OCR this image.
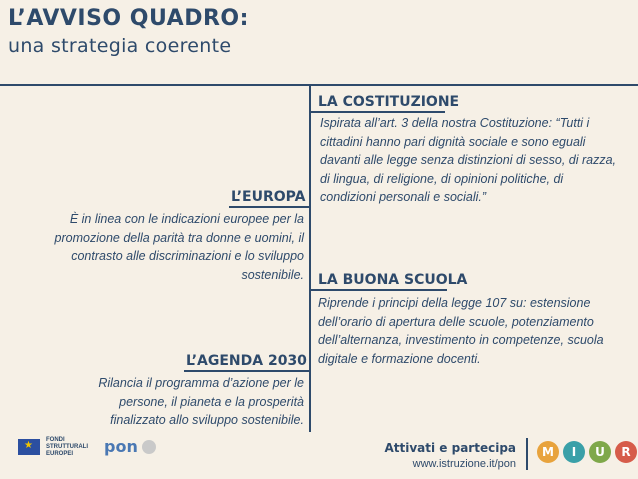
L’AVVISO QUADRO:
una strategia coerente
LA COSTITUZIONE
Ispirata all’art. 3 della nostra Costituzione: “Tutti i
cittadini hanno pari dignità sociale e sono eguali
davanti alle legge senza distinzioni di sesso, di razza,
di lingua, di religione, di opinioni politiche, di
condizioni personali e sociali.”
L’EUROPA
È in linea con le indicazioni europee per la
promozione della parità tra donne e uomini, il
contrasto alle discriminazioni e lo sviluppo
sostenibile. LA BUONA SCUOLA
Riprende i principi della legge 107 su: estensione
dell’orario di apertura delle scuole, potenziamento
dell’alternanza, investimento in competenze, scuola
digitale e formazione docenti.
L’AGENDA 2030
Rilancia il programma d’azione per le
persone, il pianeta e la prosperità
finalizzato allo sviluppo sostenibile.
★
FONDI
STRUTTURALI
EUROPEI	pon	Attivati e partecipa
www.istruzione.it/pon
M	I	U	R
